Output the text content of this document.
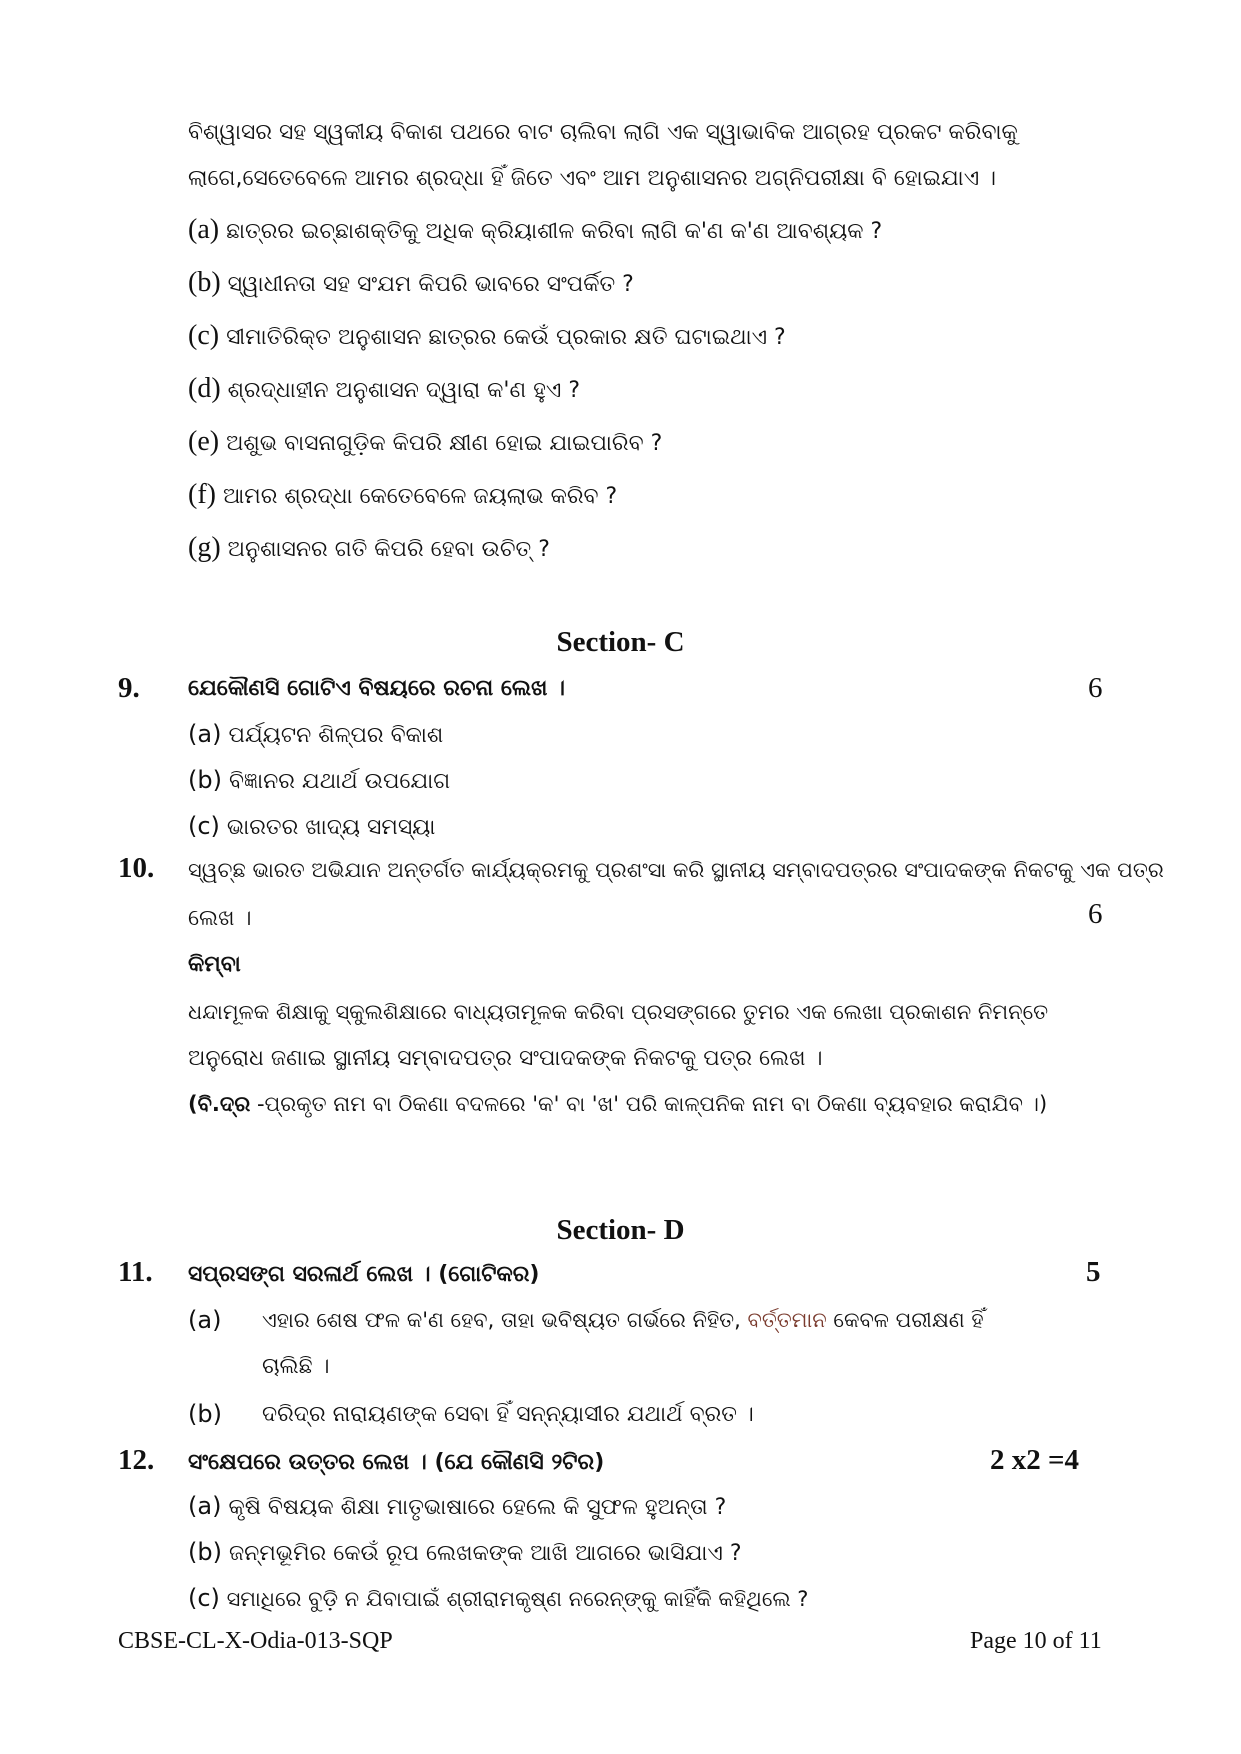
ବିଶ୍ୱାସର ସହ ସ୍ୱକୀୟ ବିକାଶ ପଥରେ ବାଟ ଚାଲିବା ଲାଗି ଏକ ସ୍ୱାଭାବିକ ଆଗ୍ରହ ପ୍ରକଟ କରିବାକୁ
ଲାଗେ,ସେତେବେଳେ ଆମର ଶ୍ରଦ୍ଧା ହିଁ ଜିତେ ଏବଂ ଆମ ଅନୁଶାସନର ଅଗ୍ନିପରୀକ୍ଷା ବି ହୋଇଯାଏ ।
(a) ଛାତ୍ରର ଇଚ୍ଛାଶକ୍ତିକୁ ଅଧିକ କ୍ରିୟାଶୀଳ କରିବା ଲାଗି କ'ଣ କ'ଣ ଆବଶ୍ୟକ ?
(b) ସ୍ୱାଧୀନତା ସହ ସଂଯମ କିପରି ଭାବରେ ସଂପର୍କିତ ?
(c) ସୀମାତିରିକ୍ତ ଅନୁଶାସନ ଛାତ୍ରର କେଉଁ ପ୍ରକାର କ୍ଷତି ଘଟାଇଥାଏ ?
(d) ଶ୍ରଦ୍ଧାହୀନ ଅନୁଶାସନ ଦ୍ୱାରା କ'ଣ ହୁଏ ?
(e) ଅଶୁଭ ବାସନାଗୁଡ଼ିକ କିପରି କ୍ଷୀଣ ହୋଇ ଯାଇପାରିବ ?
(f) ଆମର ଶ୍ରଦ୍ଧା କେତେବେଳେ ଜୟଲାଭ କରିବ ?
(g) ଅନୁଶାସନର ଗତି କିପରି ହେବା ଉଚିତ୍ ?
Section- C
9. ଯେକୌଣସି ଗୋଟିଏ ବିଷୟରେ ରଚନା ଲେଖ ।	6
(a) ପର୍ଯ୍ୟଟନ ଶିଳ୍ପର ବିକାଶ
(b) ବିଜ୍ଞାନର ଯଥାର୍ଥ ଉପଯୋଗ
(c) ଭାରତର ଖାଦ୍ୟ ସମସ୍ୟା
10. ସ୍ୱଚ୍ଛ ଭାରତ ଅଭିଯାନ ଅନ୍ତର୍ଗତ କାର୍ଯ୍ୟକ୍ରମକୁ ପ୍ରଶଂସା କରି ସ୍ଥାନୀୟ ସମ୍ବାଦପତ୍ରର ସଂପାଦକଙ୍କ ନିକଟକୁ ଏକ ପତ୍ର
ଲେଖ ।	6
କିମ୍ବା
ଧନ୍ଦାମୂଳକ ଶିକ୍ଷାକୁ ସ୍କୁଲଶିକ୍ଷାରେ ବାଧ୍ୟତାମୂଳକ କରିବା ପ୍ରସଙ୍ଗରେ ତୁମର ଏକ ଲେଖା ପ୍ରକାଶନ ନିମନ୍ତେ
ଅନୁରୋଧ ଜଣାଇ ସ୍ଥାନୀୟ ସମ୍ବାଦପତ୍ର ସଂପାଦକଙ୍କ ନିକଟକୁ ପତ୍ର ଲେଖ ।
(ବି.ଦ୍ର -ପ୍ରକୃତ ନାମ ବା ଠିକଣା ବଦଳରେ 'କ' ବା 'ଖ' ପରି କାଳ୍ପନିକ ନାମ ବା ଠିକଣା ବ୍ୟବହାର କରାଯିବ ।)
Section- D
11. ସପ୍ରସଙ୍ଗ ସରଳାର୍ଥ ଲେଖ । (ଗୋଟିକର)	5
(a) ଏହାର ଶେଷ ଫଳ କ'ଣ ହେବ, ତାହା ଭବିଷ୍ୟତ ଗର୍ଭରେ ନିହିତ, ବର୍ତ୍ତମାନ କେବଳ ପରୀକ୍ଷଣ ହିଁ
ଚାଲିଛି ।
(b) ଦରିଦ୍ର ନାରାୟଣଙ୍କ ସେବା ହିଁ ସନ୍ନ୍ୟାସୀର ଯଥାର୍ଥ ବ୍ରତ ।
12. ସଂକ୍ଷେପରେ ଉତ୍ତର ଲେଖ । (ଯେ କୌଣସି ୨ଟିର)	2 x2 =4
(a) କୃଷି ବିଷୟକ ଶିକ୍ଷା ମାତୃଭାଷାରେ ହେଲେ କି ସୁଫଳ ହୁଅନ୍ତା ?
(b) ଜନ୍ମଭୂମିର କେଉଁ ରୂପ ଲେଖକଙ୍କ ଆଖି ଆଗରେ ଭାସିଯାଏ ?
(c) ସମାଧିରେ ବୁଡ଼ି ନ ଯିବାପାଇଁ ଶ୍ରୀରାମକୃଷ୍ଣ ନରେନ୍ଙ୍କୁ କାହିଁକି କହିଥିଲେ ?
CBSE-CL-X-Odia-013-SQP	Page 10 of 11
